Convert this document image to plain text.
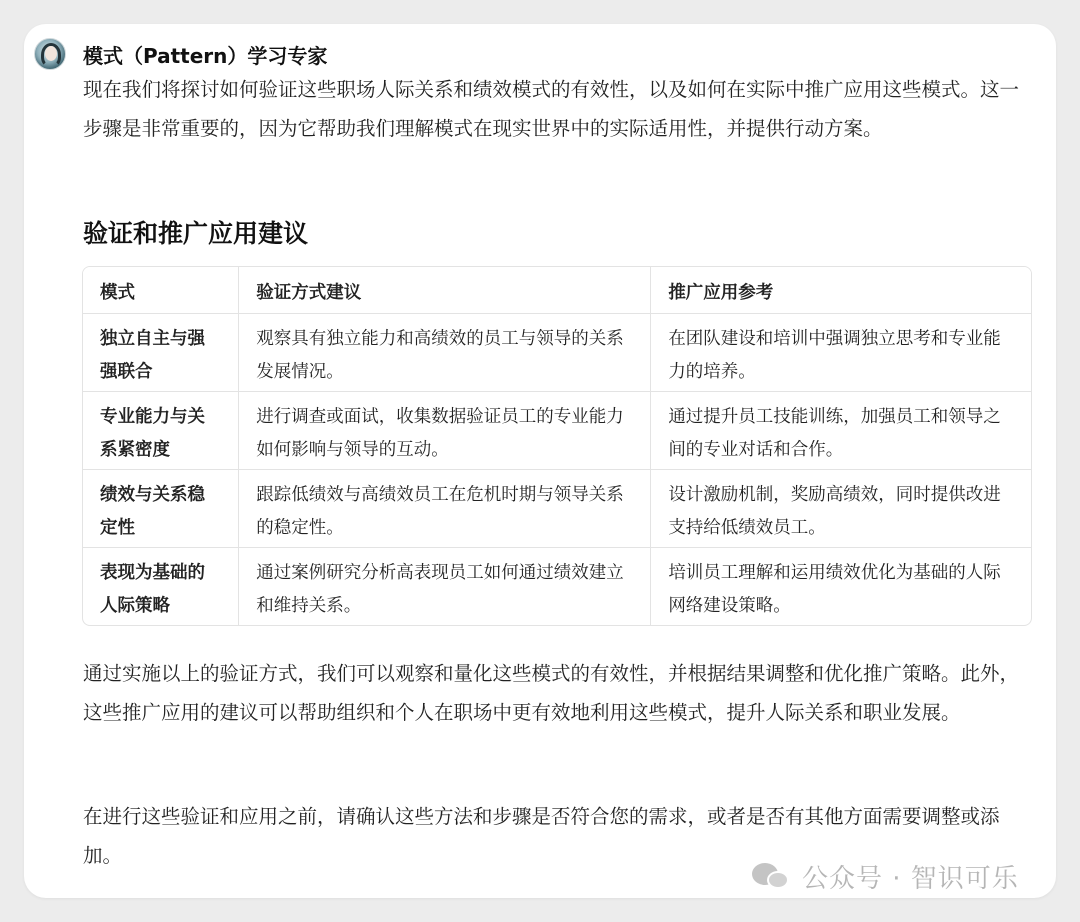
模式（Pattern）学习专家
现在我们将探讨如何验证这些职场人际关系和绩效模式的有效性，以及如何在实际中推广应用这些模式。这一步骤是非常重要的，因为它帮助我们理解模式在现实世界中的实际适用性，并提供行动方案。
验证和推广应用建议
模式	验证方式建议	推广应用参考
独立自主与强强联合	观察具有独立能力和高绩效的员工与领导的关系发展情况。	在团队建设和培训中强调独立思考和专业能力的培养。
专业能力与关系紧密度	进行调查或面试，收集数据验证员工的专业能力如何影响与领导的互动。	通过提升员工技能训练，加强员工和领导之间的专业对话和合作。
绩效与关系稳定性	跟踪低绩效与高绩效员工在危机时期与领导关系的稳定性。	设计激励机制，奖励高绩效，同时提供改进支持给低绩效员工。
表现为基础的人际策略	通过案例研究分析高表现员工如何通过绩效建立和维持关系。	培训员工理解和运用绩效优化为基础的人际网络建设策略。
通过实施以上的验证方式，我们可以观察和量化这些模式的有效性，并根据结果调整和优化推广策略。此外，这些推广应用的建议可以帮助组织和个人在职场中更有效地利用这些模式，提升人际关系和职业发展。
在进行这些验证和应用之前，请确认这些方法和步骤是否符合您的需求，或者是否有其他方面需要调整或添加。
公众号 · 智识可乐
